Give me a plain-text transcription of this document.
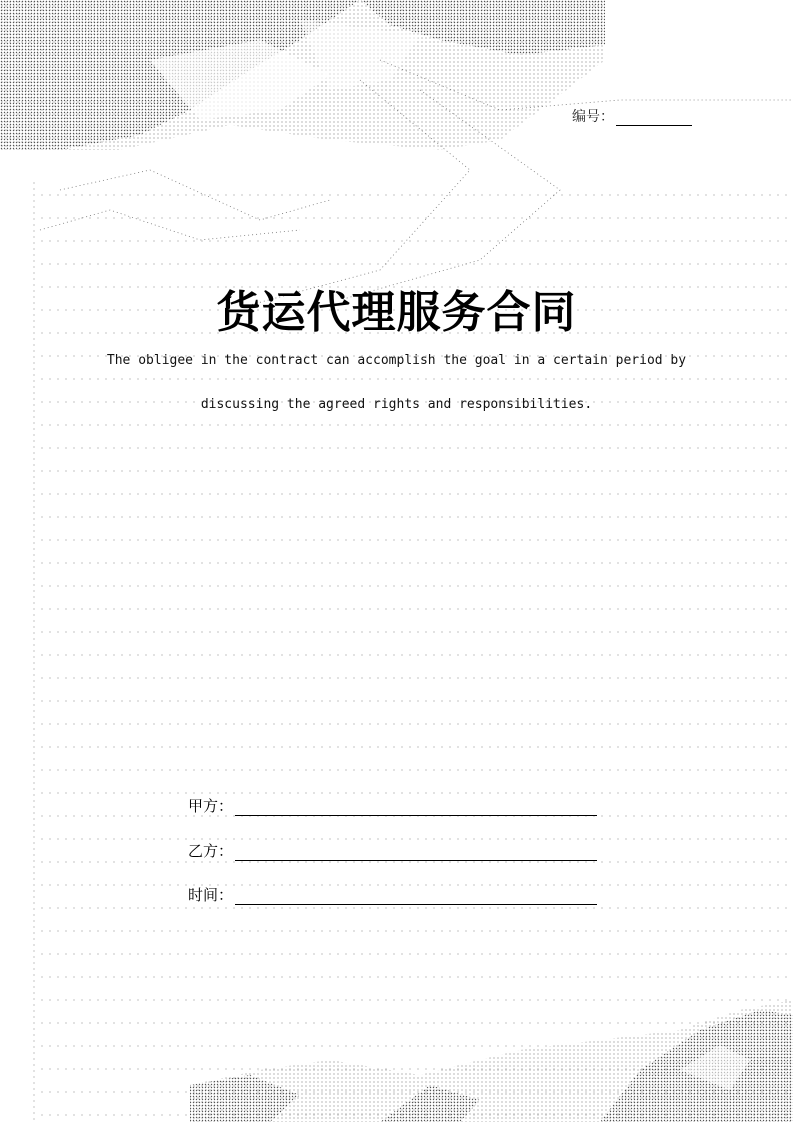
编号：
货运代理服务合同
The obligee in the contract can accomplish the goal in a certain period by
discussing the agreed rights and responsibilities.
甲方：
乙方：
时间：
